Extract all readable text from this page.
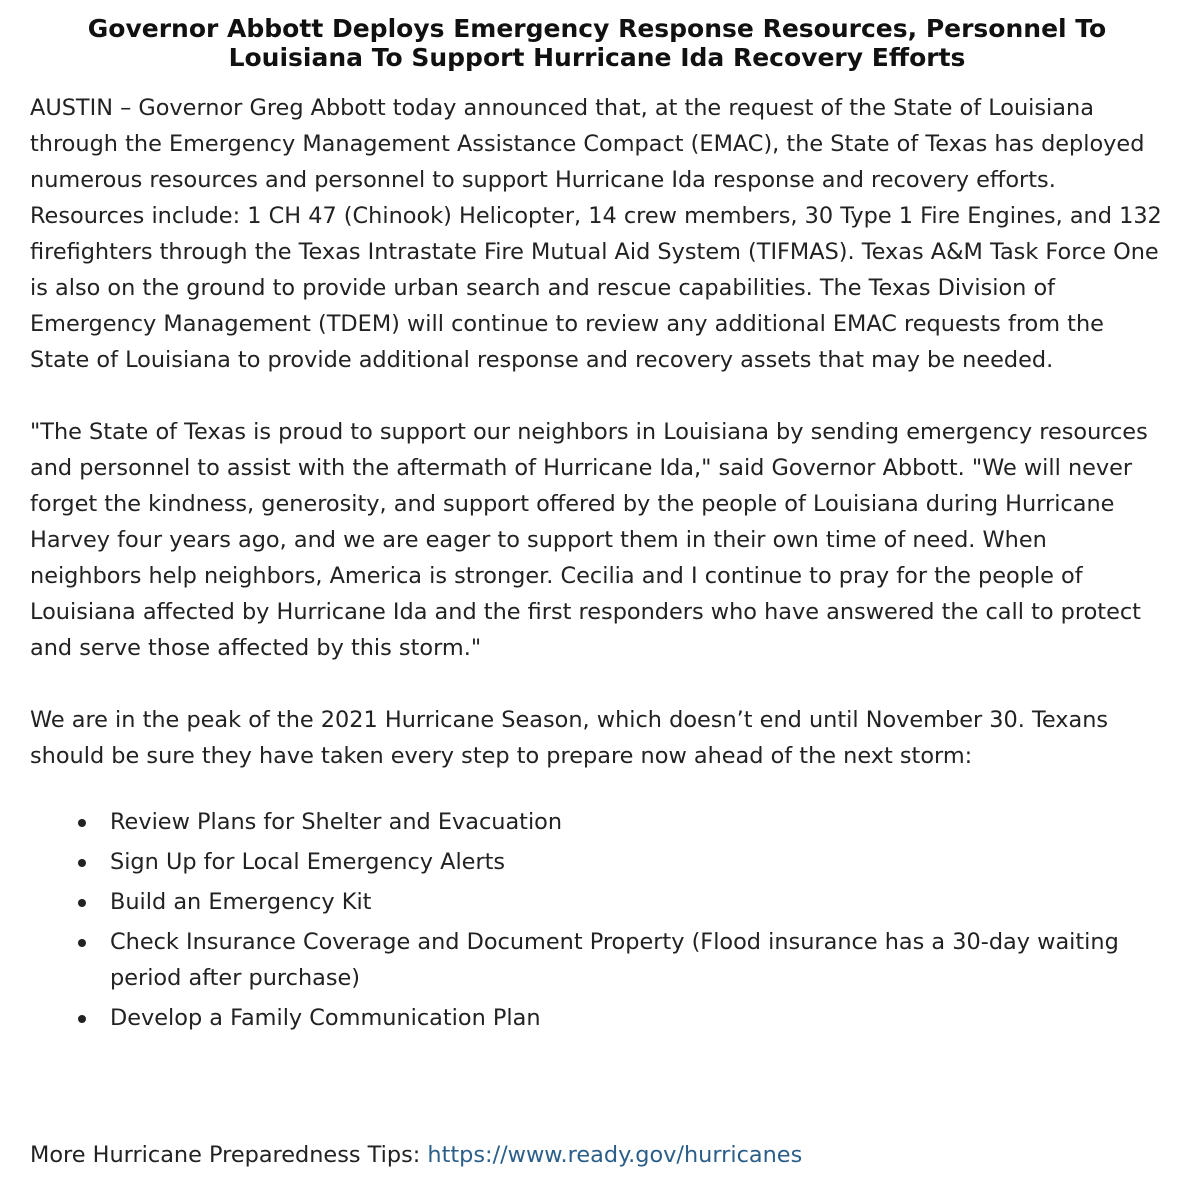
Governor Abbott Deploys Emergency Response Resources, Personnel To Louisiana To Support Hurricane Ida Recovery Efforts

AUSTIN – Governor Greg Abbott today announced that, at the request of the State of Louisiana through the Emergency Management Assistance Compact (EMAC), the State of Texas has deployed numerous resources and personnel to support Hurricane Ida response and recovery efforts. Resources include: 1 CH 47 (Chinook) Helicopter, 14 crew members, 30 Type 1 Fire Engines, and 132 firefighters through the Texas Intrastate Fire Mutual Aid System (TIFMAS). Texas A&M Task Force One is also on the ground to provide urban search and rescue capabilities. The Texas Division of Emergency Management (TDEM) will continue to review any additional EMAC requests from the State of Louisiana to provide additional response and recovery assets that may be needed.

"The State of Texas is proud to support our neighbors in Louisiana by sending emergency resources and personnel to assist with the aftermath of Hurricane Ida," said Governor Abbott. "We will never forget the kindness, generosity, and support offered by the people of Louisiana during Hurricane Harvey four years ago, and we are eager to support them in their own time of need. When neighbors help neighbors, America is stronger. Cecilia and I continue to pray for the people of Louisiana affected by Hurricane Ida and the first responders who have answered the call to protect and serve those affected by this storm."

We are in the peak of the 2021 Hurricane Season, which doesn’t end until November 30. Texans should be sure they have taken every step to prepare now ahead of the next storm:

Review Plans for Shelter and Evacuation
Sign Up for Local Emergency Alerts
Build an Emergency Kit
Check Insurance Coverage and Document Property (Flood insurance has a 30-day waiting period after purchase)
Develop a Family Communication Plan
More Hurricane Preparedness Tips: https://www.ready.gov/hurricanes
